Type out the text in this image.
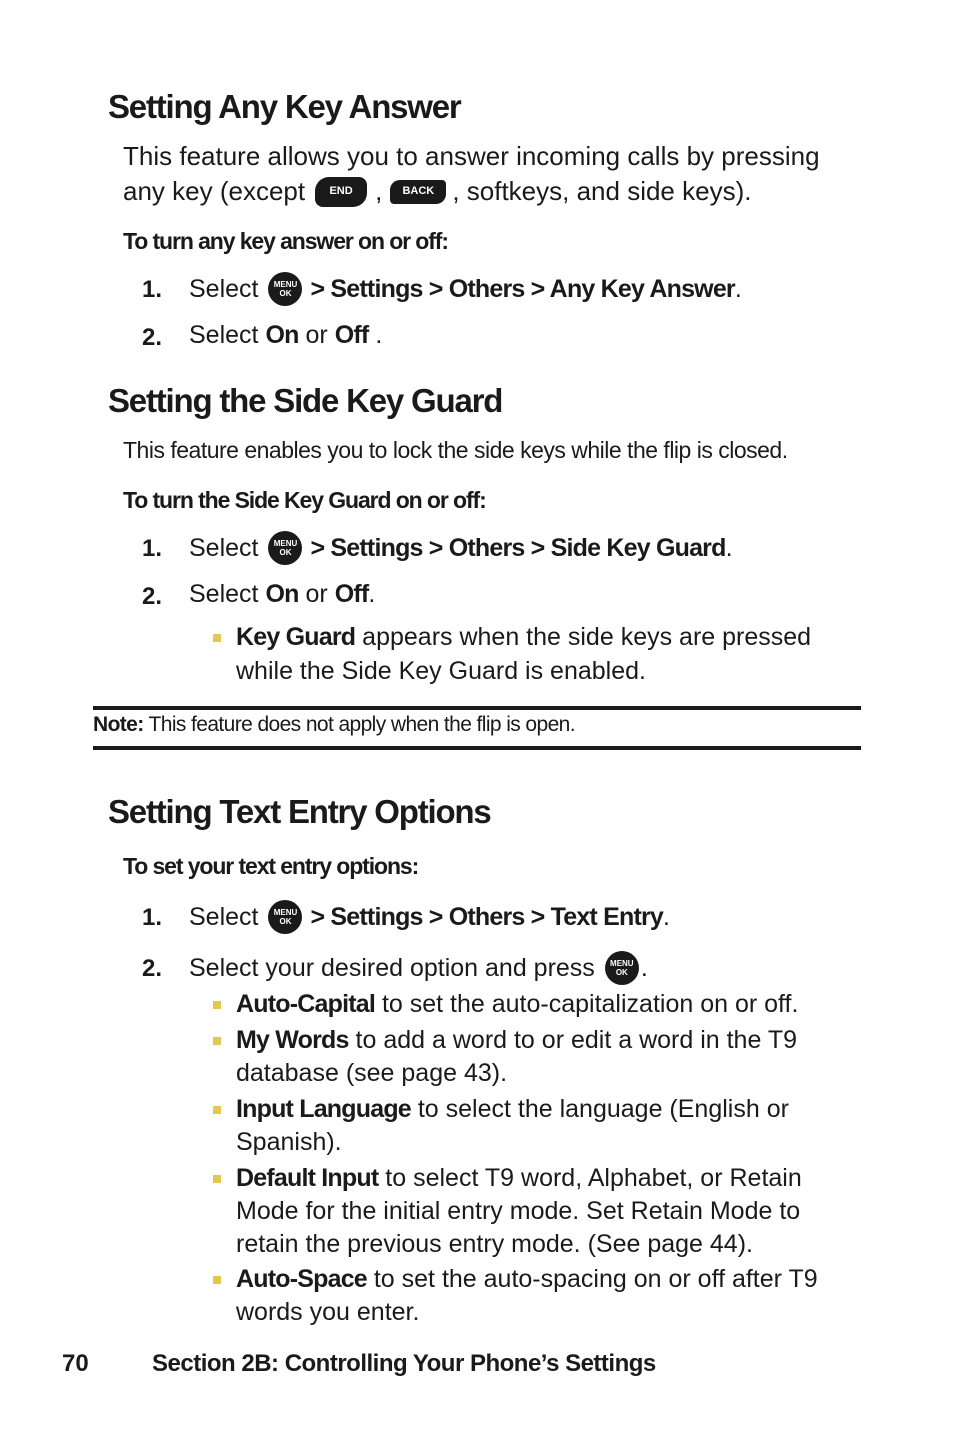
Setting Any Key Answer
This feature allows you to answer incoming calls by pressing
any key (except END , BACK , softkeys, and side keys).
To turn any key answer on or off:
1. Select MENU
OK > Settings > Others > Any Key Answer .
2. Select
On
or
Off .
Setting the Side Key Guard
This feature enables you to lock the side keys while the flip is closed.
To turn the Side Key Guard on or off:
1. Select MENU
OK > Settings > Others > Side Key Guard .
2. Select
On
or
Off .
Key Guard appears when the side keys are pressed
while the Side Key Guard is enabled.
Note: This feature does not apply when the flip is open.
Setting Text Entry Options
To set your text entry options:
1. Select MENU
OK > Settings > Others > Text Entry .
2. Select your desired option and press MENU
OK .
Auto-Capital to set the auto-capitalization on or off.
My Words to add a word to or edit a word in the T9
database (see page 43).
Input Language to select the language (English or
Spanish).
Default Input to select T9 word, Alphabet, or Retain
Mode for the initial entry mode. Set Retain Mode to
retain the previous entry mode. (See page 44).
Auto-Space to set the auto-spacing on or off after T9
words you enter.
70	Section 2B: Controlling Your Phone’s Settings
